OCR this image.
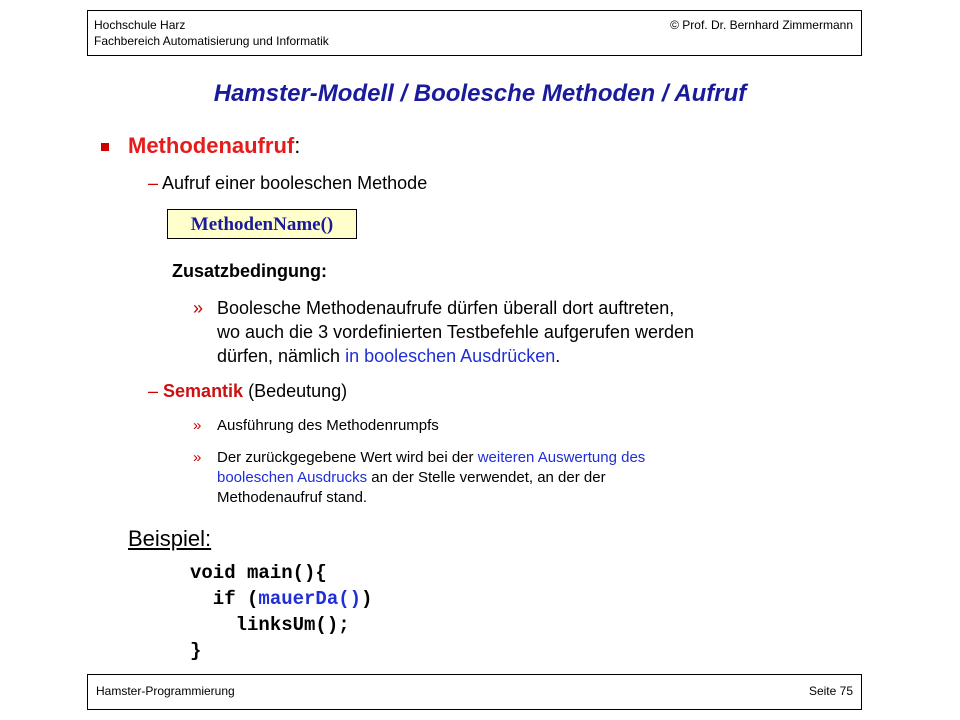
Hochschule Harz
Fachbereich Automatisierung und Informatik
© Prof. Dr. Bernhard Zimmermann
Hamster-Modell / Boolesche Methoden / Aufruf
Methodenaufruf:
– Aufruf einer booleschen Methode
MethodenName()
Zusatzbedingung:
» Boolesche Methodenaufrufe dürfen überall dort auftreten,
wo auch die 3 vordefinierten Testbefehle aufgerufen werden
dürfen, nämlich in booleschen Ausdrücken.
– Semantik (Bedeutung)
» Ausführung des Methodenrumpfs
» Der zurückgegebene Wert wird bei der weiteren Auswertung des
booleschen Ausdrucks an der Stelle verwendet, an der der
Methodenaufruf stand.
Beispiel:
void main(){
if (mauerDa())
linksUm();
}
Hamster-Programmierung	Seite 75
